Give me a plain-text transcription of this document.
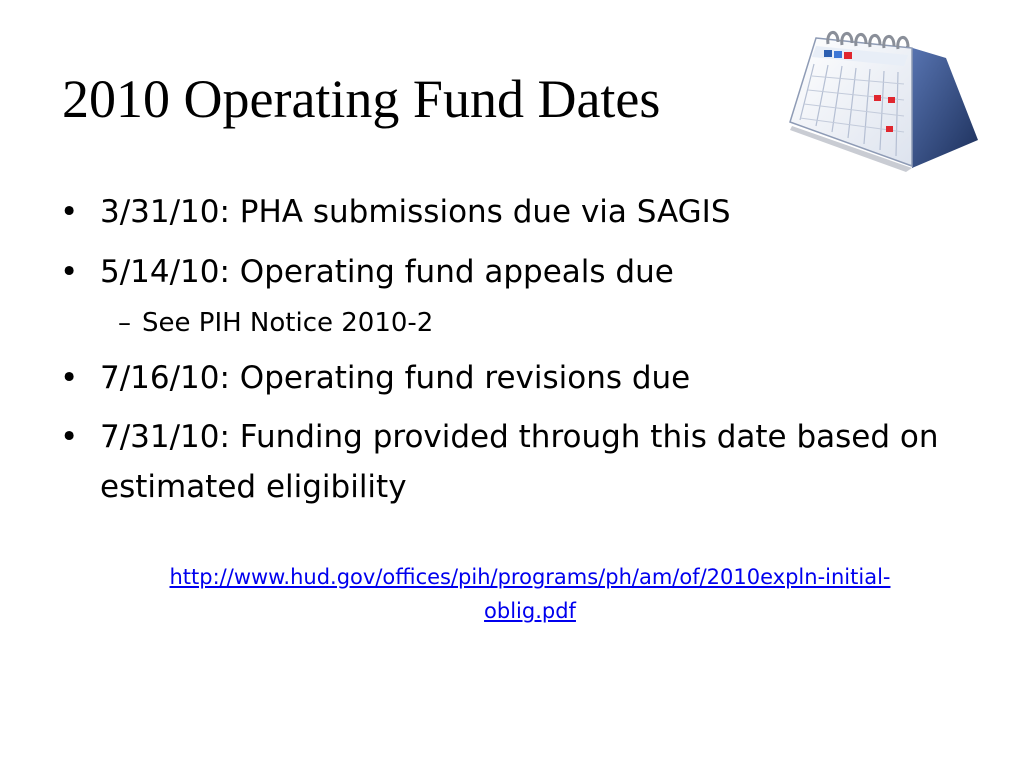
2010 Operating Fund Dates
• 3/31/10: PHA submissions due via SAGIS
• 5/14/10: Operating fund appeals due
– See PIH Notice 2010-2
• 7/16/10: Operating fund revisions due
• 7/31/10: Funding provided through this date based on estimated eligibility
http://www.hud.gov/offices/pih/programs/ph/am/of/2010expln-initial-
oblig.pdf
